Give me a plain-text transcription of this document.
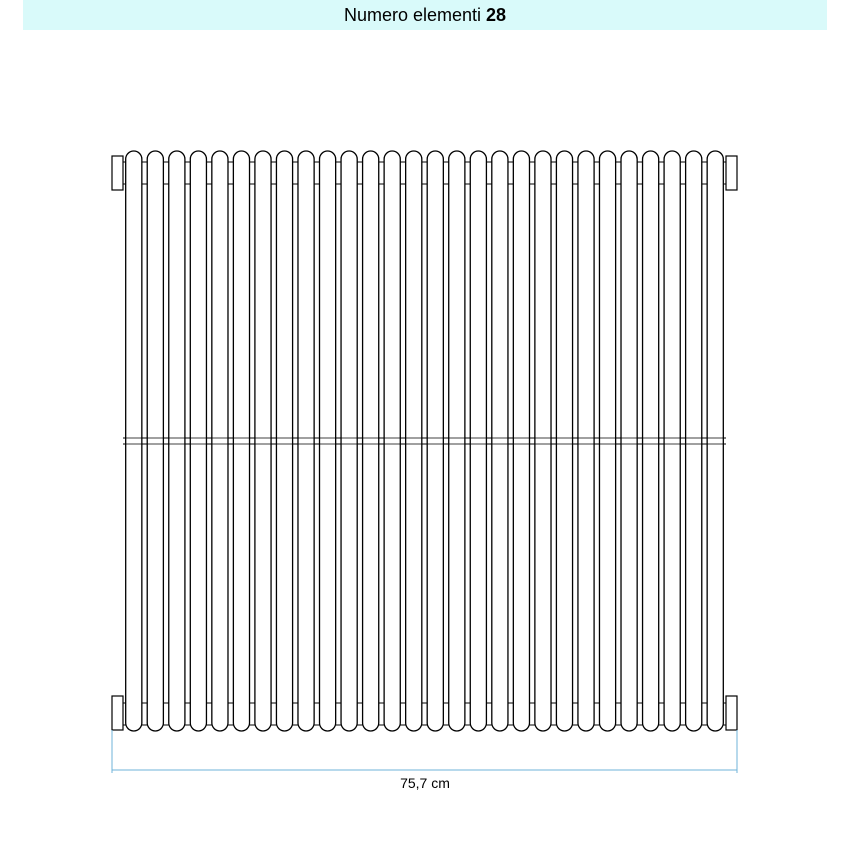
Numero elementi 28
75,7 cm
